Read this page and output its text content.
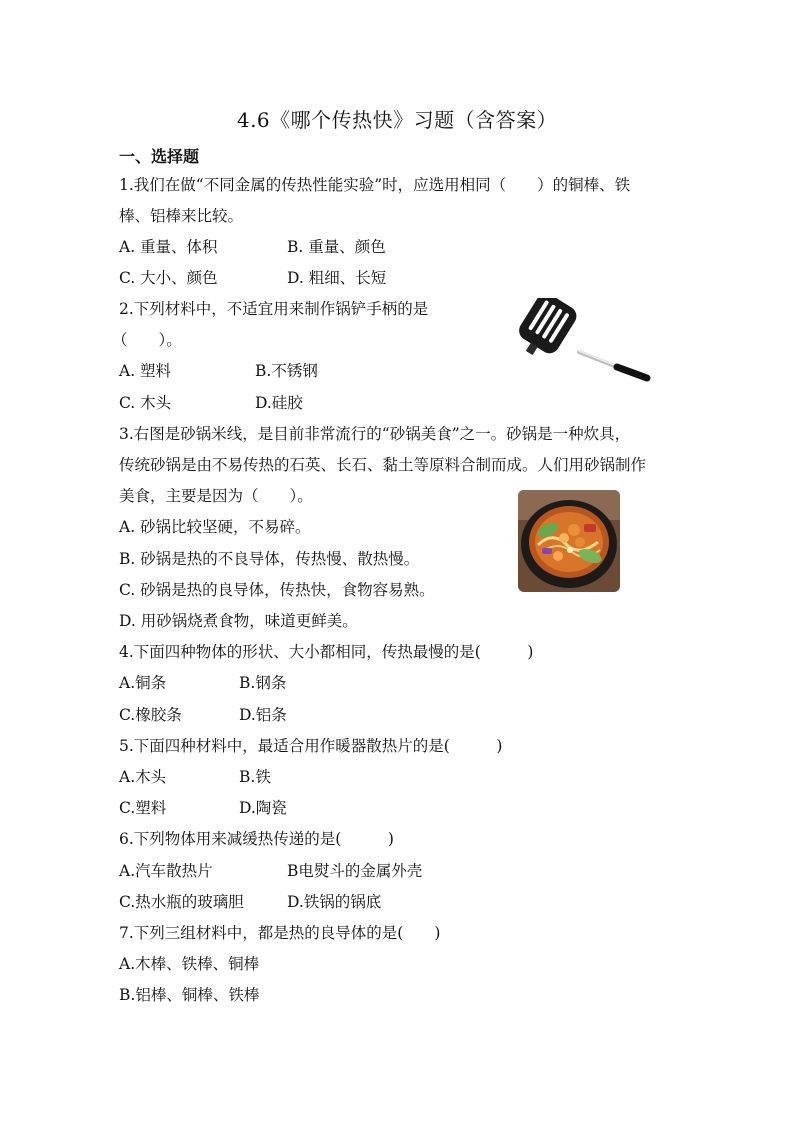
4.6《哪个传热快》习题（含答案）
一、选择题
1.我们在做“不同金属的传热性能实验”时，应选用相同（　　）的铜棒、铁
棒、铝棒来比较。
A. 重量、体积	B. 重量、颜色
C. 大小、颜色	D. 粗细、长短
2.下列材料中，不适宜用来制作锅铲手柄的是
（　　）。
A. 塑料	B.不锈钢
C. 木头	D.硅胶
3.右图是砂锅米线，是目前非常流行的“砂锅美食”之一。砂锅是一种炊具，
传统砂锅是由不易传热的石英、长石、黏土等原料合制而成。人们用砂锅制作
美食，主要是因为（　　）。
A. 砂锅比较坚硬，不易碎。
B. 砂锅是热的不良导体，传热慢、散热慢。
C. 砂锅是热的良导体，传热快，食物容易熟。
D. 用砂锅烧煮食物，味道更鲜美。
4.下面四种物体的形状、大小都相同，传热最慢的是(　　　)
A.铜条	B.钢条
C.橡胶条	D.铝条
5.下面四种材料中，最适合用作暖器散热片的是(　　　)
A.木头	B.铁
C.塑料	D.陶瓷
6.下列物体用来减缓热传递的是(　　　)
A.汽车散热片	B电熨斗的金属外壳
C.热水瓶的玻璃胆	D.铁锅的锅底
7.下列三组材料中，都是热的良导体的是(　　)
A.木棒、铁棒、铜棒
B.铝棒、铜棒、铁棒
